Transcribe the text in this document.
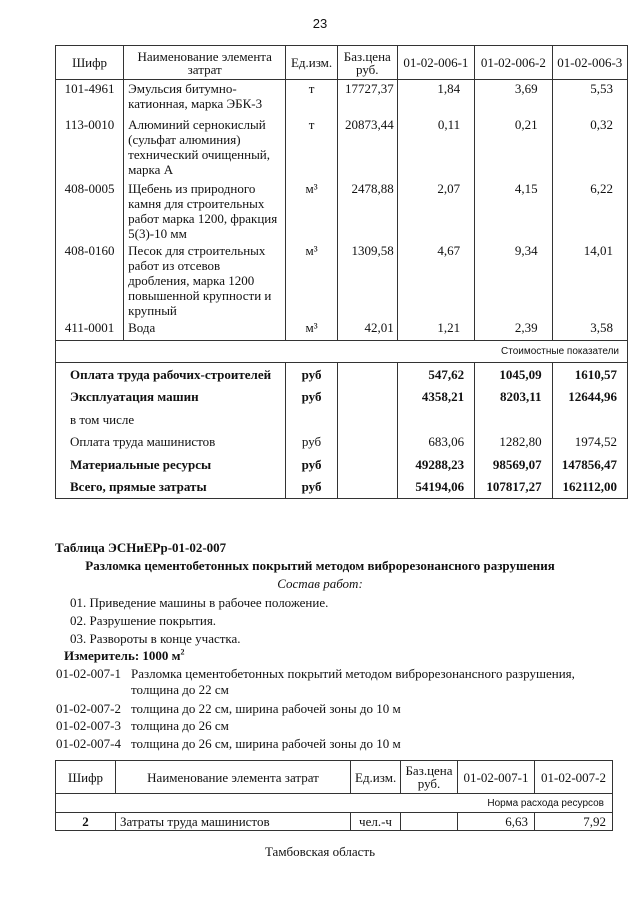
23
Шифр	Наименование элемента затрат	Ед.изм.	Баз.цена руб.	01-02-006-1	01-02-006-2	01-02-006-3
101-4961	Эмульсия битумно-катионная, марка ЭБК-3	т	17727,37	1,84	3,69	5,53
113-0010	Алюминий сернокислый (сульфат алюминия) технический очищенный, марка А	т	20873,44	0,11	0,21	0,32
408-0005	Щебень из природного камня для строительных работ марка 1200, фракция 5(3)-10 мм	м³	2478,88	2,07	4,15	6,22
408-0160	Песок для строительных работ из отсевов дробления, марка 1200 повышенной крупности и крупный	м³	1309,58	4,67	9,34	14,01
411-0001	Вода	м³	42,01	1,21	2,39	3,58
Стоимостные показатели						
Оплата труда рабочих-строителей		руб		547,62	1045,09	1610,57
Эксплуатация машин		руб		4358,21	8203,11	12644,96
в том числе						
Оплата труда машинистов		руб		683,06	1282,80	1974,52
Материальные ресурсы		руб		49288,23	98569,07	147856,47
Всего, прямые затраты		руб		54194,06	107817,27	162112,00
Таблица ЭСНиЕРр-01-02-007
Разломка цементобетонных покрытий методом виброрезонансного разрушения
Состав работ:
01. Приведение машины в рабочее положение.
02. Разрушение покрытия.
03. Развороты в конце участка.
Измеритель: 1000 $м^2$
01-02-007-1 Разломка цементобетонных покрытий методом виброрезонансного разрушения,
толщина до 22 см
01-02-007-2 толщина до 22 см, ширина рабочей зоны до 10 м
01-02-007-3 толщина до 26 см
01-02-007-4 толщина до 26 см, ширина рабочей зоны до 10 м
Шифр	Наименование элемента затрат	Ед.изм.	Баз.цена руб.	01-02-007-1	01-02-007-2
Норма расхода ресурсов					
2	Затраты труда машинистов	чел.-ч		6,63	7,92
Тамбовская область
